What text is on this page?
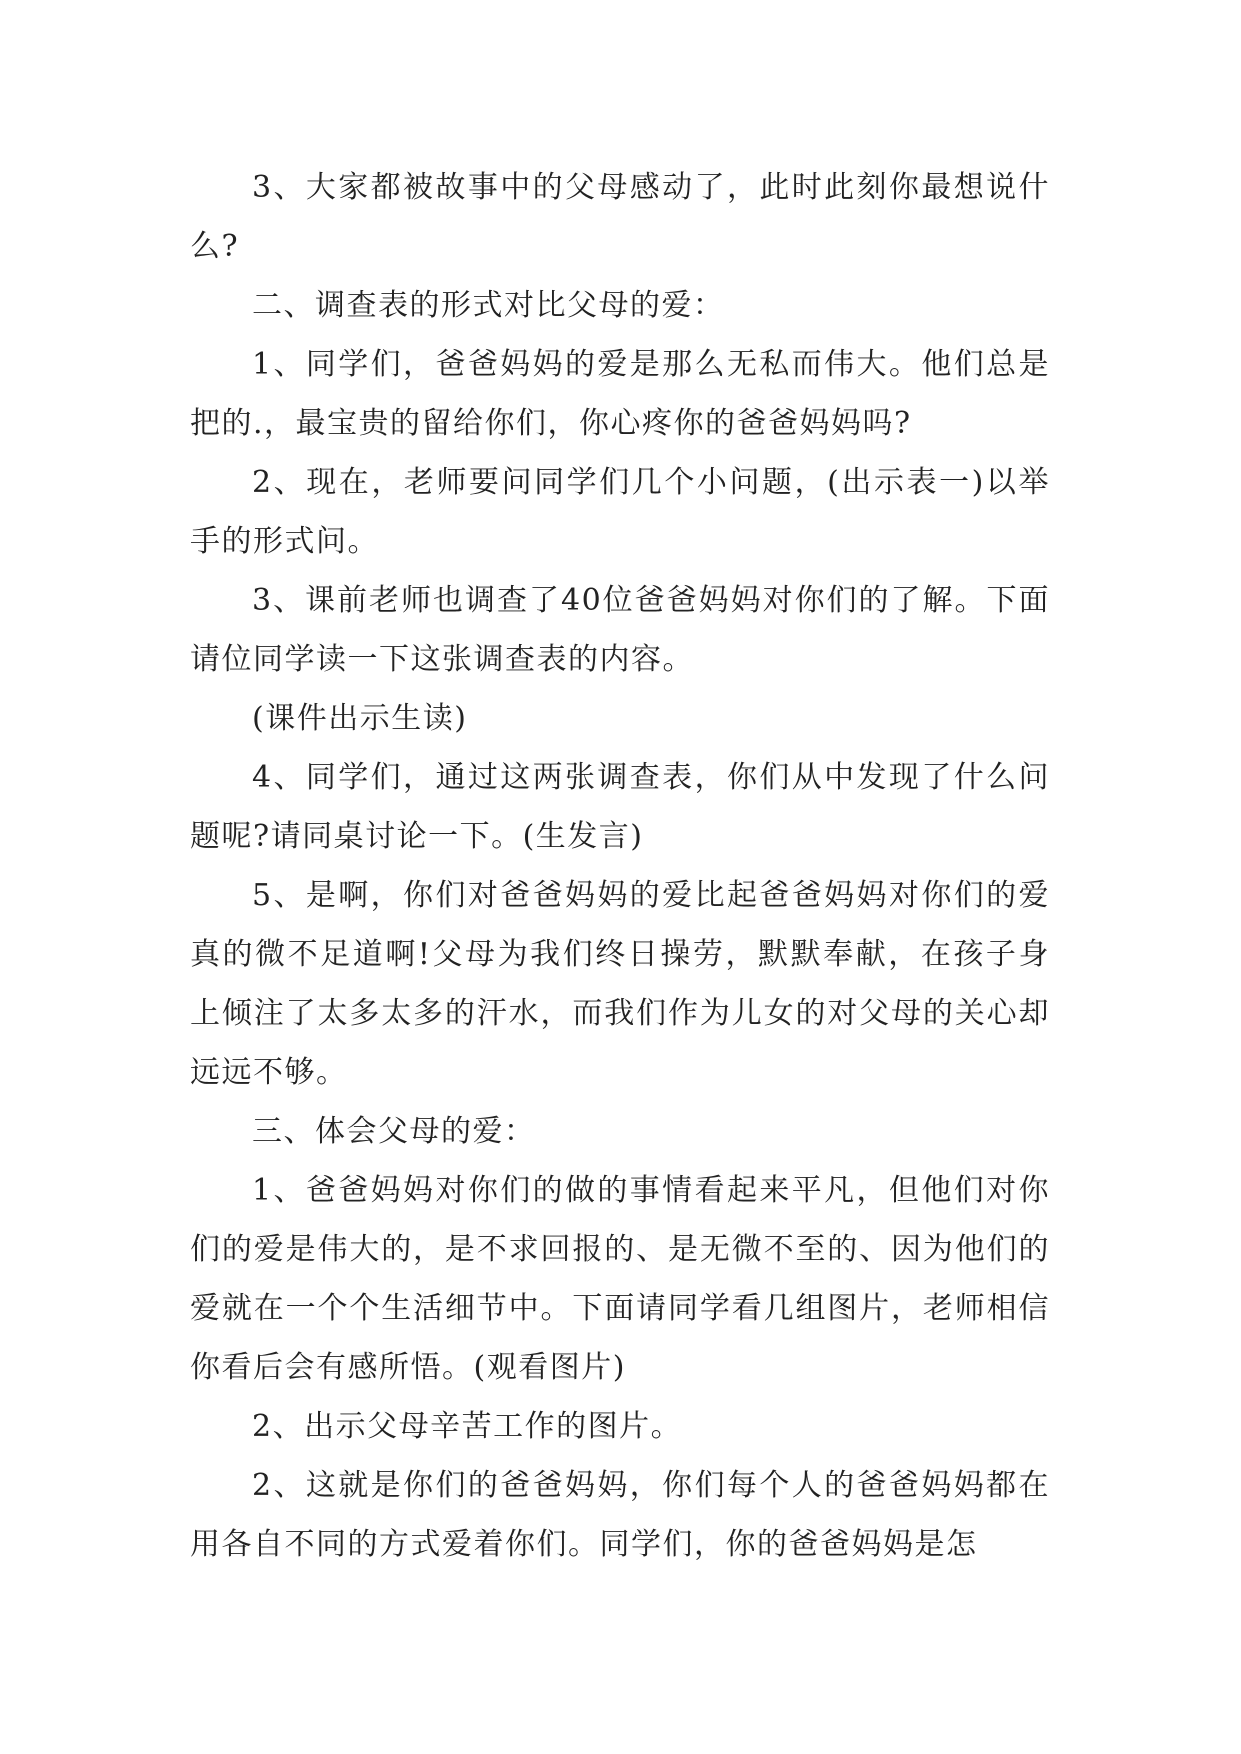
3、大家都被故事中的父母感动了，此时此刻你最想说什么?

二、调查表的形式对比父母的爱：

1、同学们，爸爸妈妈的爱是那么无私而伟大。他们总是把的.，最宝贵的留给你们，你心疼你的爸爸妈妈吗?

2、现在，老师要问同学们几个小问题，(出示表一)以举手的形式问。

3、课前老师也调查了40位爸爸妈妈对你们的了解。下面请位同学读一下这张调查表的内容。

(课件出示生读)

4、同学们，通过这两张调查表，你们从中发现了什么问题呢?请同桌讨论一下。(生发言)

5、是啊，你们对爸爸妈妈的爱比起爸爸妈妈对你们的爱真的微不足道啊!父母为我们终日操劳，默默奉献，在孩子身上倾注了太多太多的汗水，而我们作为儿女的对父母的关心却远远不够。

三、体会父母的爱：

1、爸爸妈妈对你们的做的事情看起来平凡，但他们对你们的爱是伟大的，是不求回报的、是无微不至的、因为他们的爱就在一个个生活细节中。下面请同学看几组图片，老师相信你看后会有感所悟。(观看图片)

2、出示父母辛苦工作的图片。

2、这就是你们的爸爸妈妈，你们每个人的爸爸妈妈都在用各自不同的方式爱着你们。同学们，你的爸爸妈妈是怎
